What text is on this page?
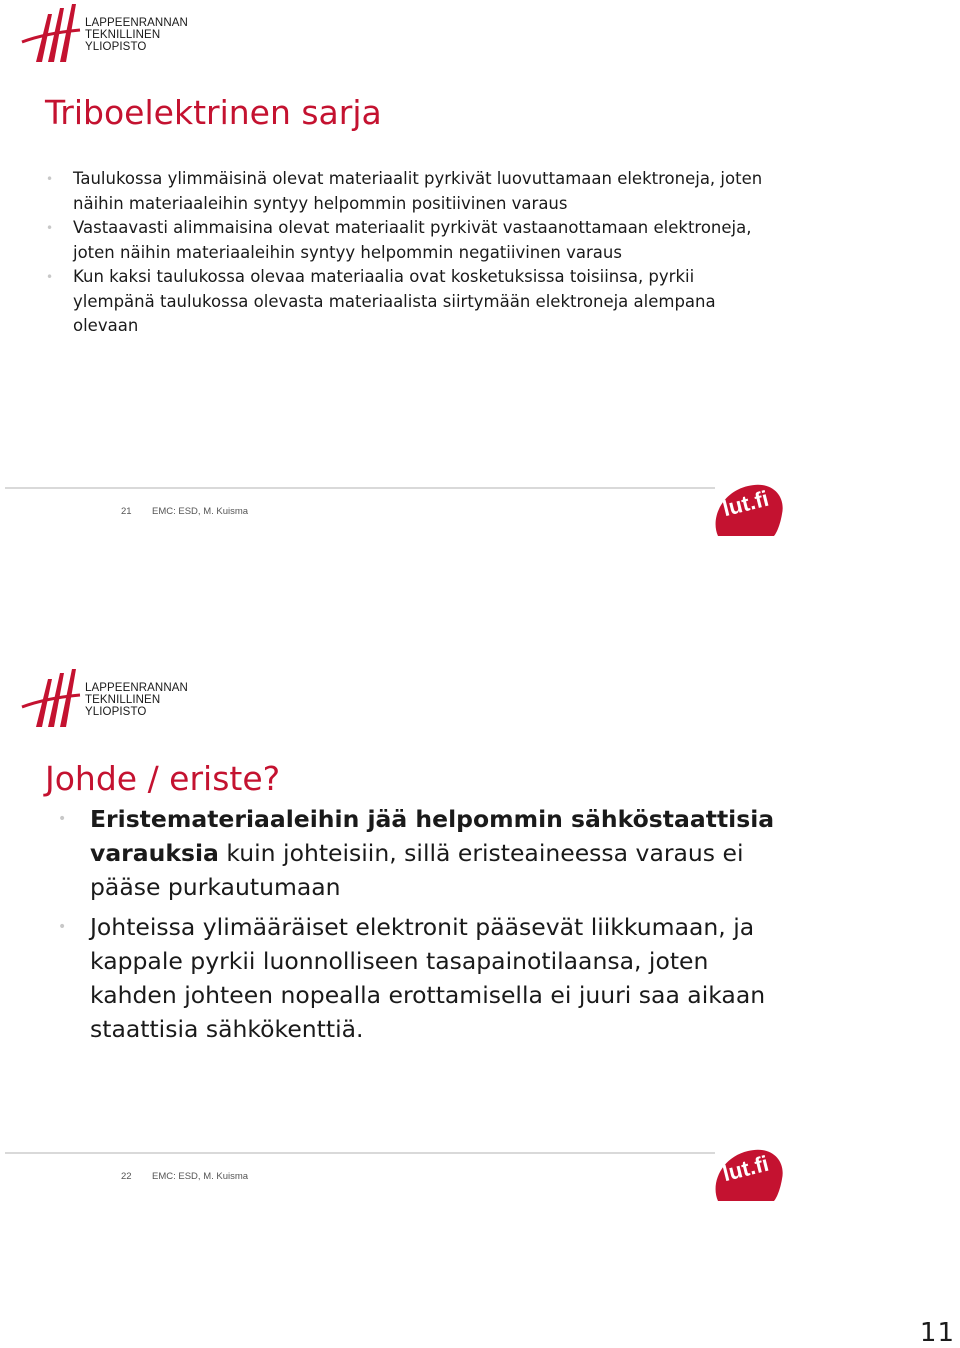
LAPPEENRANNAN
TEKNILLINEN YLIOPISTO
Triboelektrinen sarja
• Taulukossa ylimmäisinä olevat materiaalit pyrkivät luovuttamaan elektroneja, joten näihin materiaaleihin syntyy helpommin positiivinen varaus
• Vastaavasti alimmaisina olevat materiaalit pyrkivät vastaanottamaan elektroneja, joten näihin materiaaleihin syntyy helpommin negatiivinen varaus
• Kun kaksi taulukossa olevaa materiaalia ovat kosketuksissa toisiinsa, pyrkii ylempänä taulukossa olevasta materiaalista siirtymään elektroneja alempana olevaan
21 EMC: ESD, M. Kuisma	lut.fi
LAPPEENRANNAN
TEKNILLINEN YLIOPISTO
Johde / eriste?
• Eristemateriaaleihin jää helpommin sähköstaattisia varauksia kuin johteisiin, sillä eristeaineessa varaus ei pääse purkautumaan
• Johteissa ylimääräiset elektronit pääsevät liikkumaan, ja kappale pyrkii luonnolliseen tasapainotilaansa, joten kahden johteen nopealla erottamisella ei juuri saa aikaan staattisia sähkökenttiä.
22 EMC: ESD, M. Kuisma	lut.fi
11
